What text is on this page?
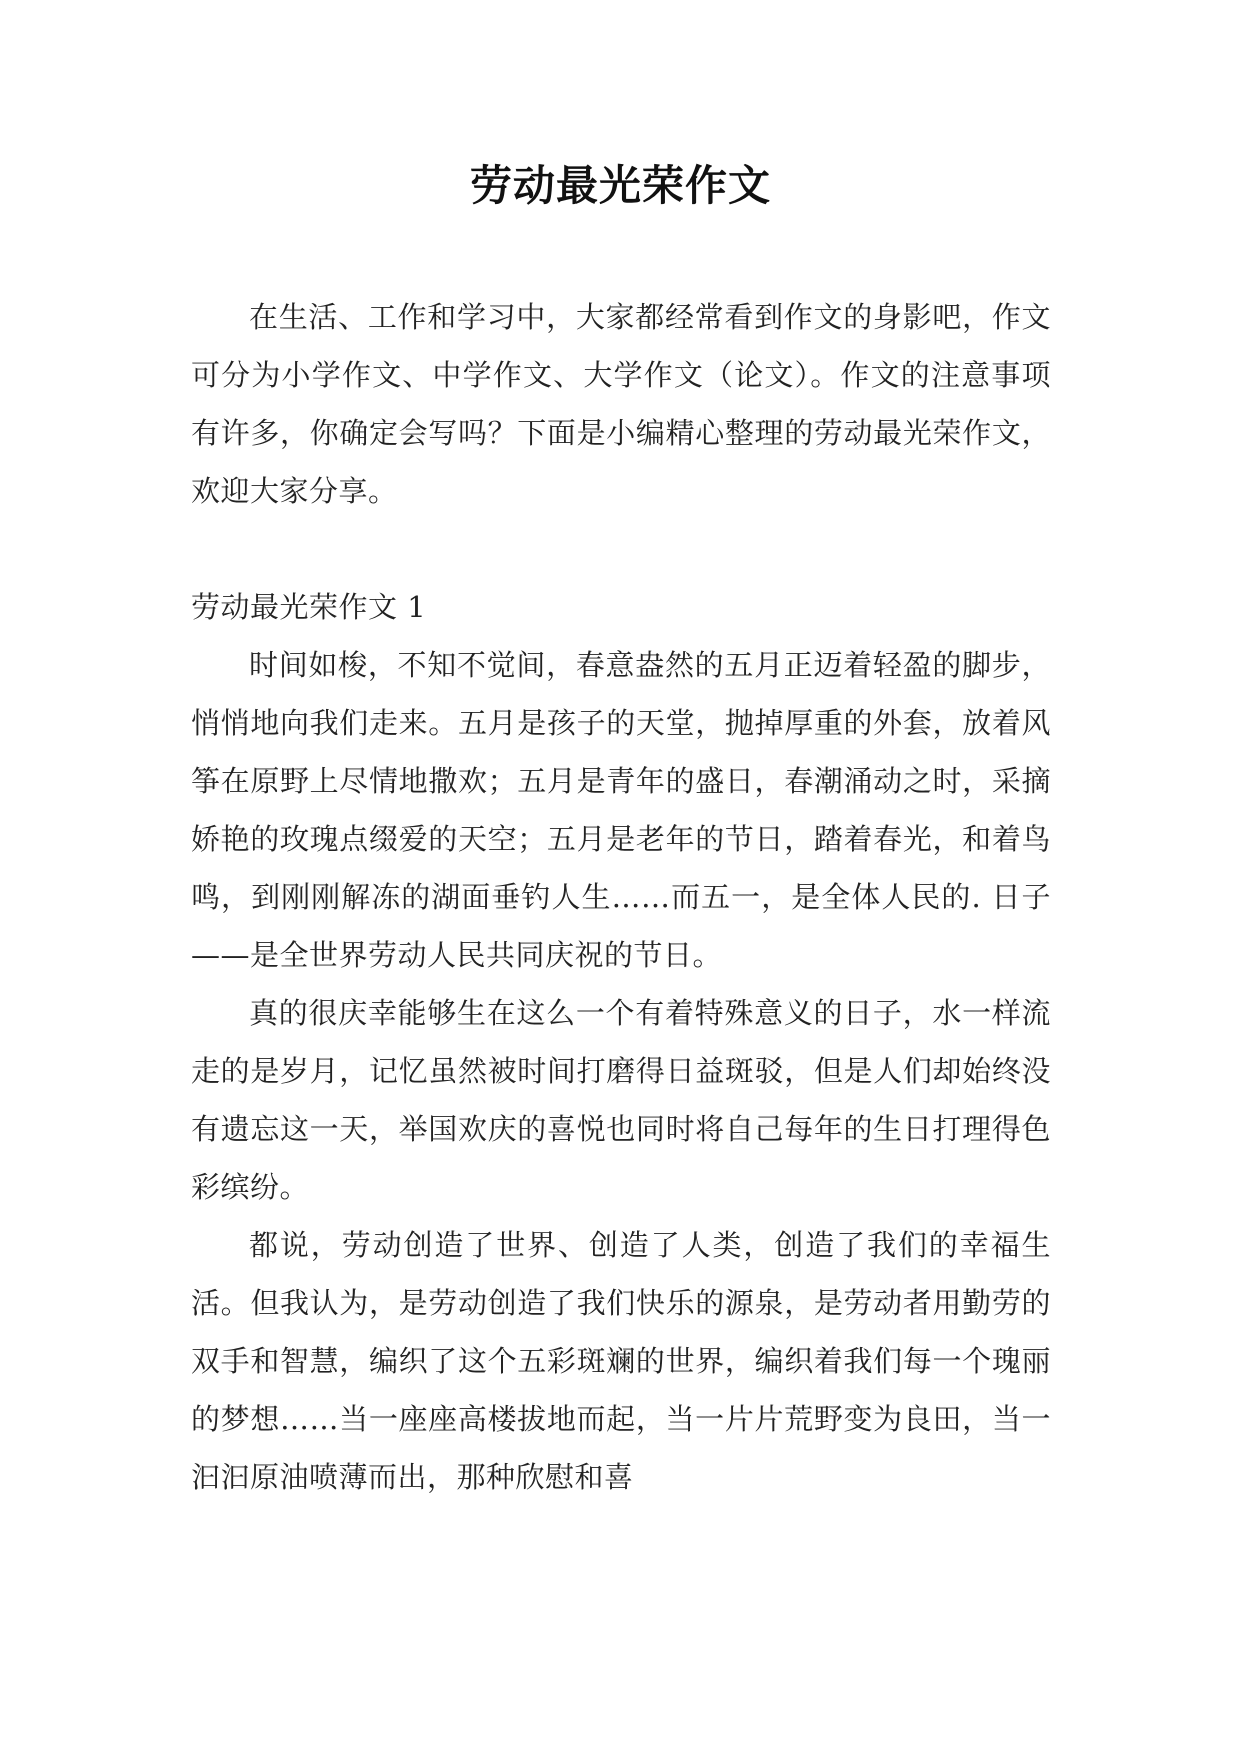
劳动最光荣作文

在生活、工作和学习中，大家都经常看到作文的身影吧，作文可分为小学作文、中学作文、大学作文（论文）。作文的注意事项有许多，你确定会写吗？下面是小编精心整理的劳动最光荣作文，欢迎大家分享。

劳动最光荣作文 1

时间如梭，不知不觉间，春意盎然的五月正迈着轻盈的脚步，悄悄地向我们走来。五月是孩子的天堂，抛掉厚重的外套，放着风筝在原野上尽情地撒欢；五月是青年的盛日，春潮涌动之时，采摘娇艳的玫瑰点缀爱的天空；五月是老年的节日，踏着春光，和着鸟鸣，到刚刚解冻的湖面垂钓人生……而五一，是全体人民的. 日子 ——是全世界劳动人民共同庆祝的节日。

真的很庆幸能够生在这么一个有着特殊意义的日子，水一样流走的是岁月，记忆虽然被时间打磨得日益斑驳，但是人们却始终没有遗忘这一天，举国欢庆的喜悦也同时将自己每年的生日打理得色彩缤纷。

都说，劳动创造了世界、创造了人类，创造了我们的幸福生活。但我认为，是劳动创造了我们快乐的源泉，是劳动者用勤劳的双手和智慧，编织了这个五彩斑斓的世界，编织着我们每一个瑰丽的梦想……当一座座高楼拔地而起，当一片片荒野变为良田，当一汩汩原油喷薄而出，那种欣慰和喜
